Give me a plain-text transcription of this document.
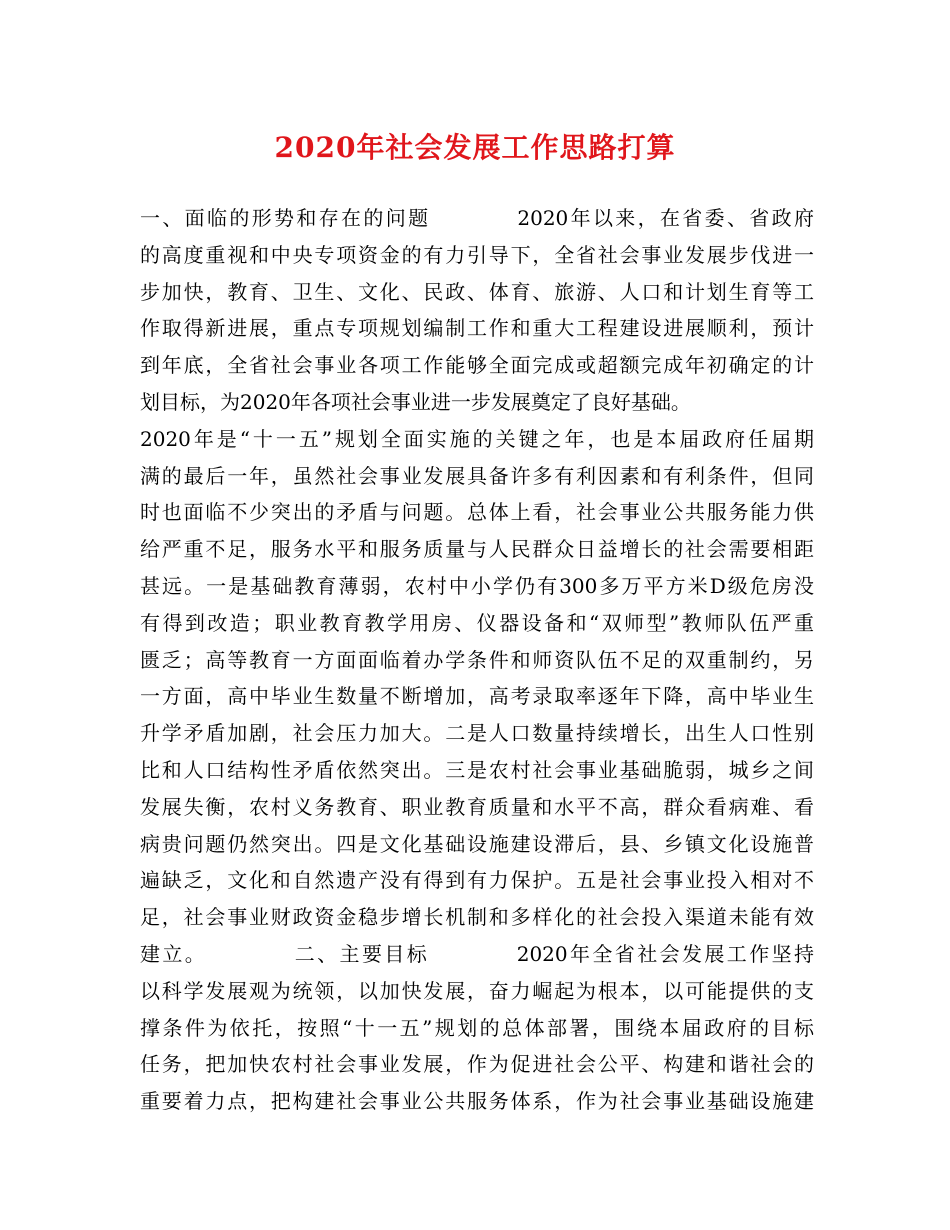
2020年社会发展工作思路打算
一、面临的形势和存在的问题          2020年以来，在省委、省政府
的高度重视和中央专项资金的有力引导下，全省社会事业发展步伐进一
步加快，教育、卫生、文化、民政、体育、旅游、人口和计划生育等工
作取得新进展，重点专项规划编制工作和重大工程建设进展顺利，预计
到年底，全省社会事业各项工作能够全面完成或超额完成年初确定的计
划目标，为2020年各项社会事业进一步发展奠定了良好基础。
2020年是“十一五”规划全面实施的关键之年，也是本届政府任届期
满的最后一年，虽然社会事业发展具备许多有利因素和有利条件，但同
时也面临不少突出的矛盾与问题。总体上看，社会事业公共服务能力供
给严重不足，服务水平和服务质量与人民群众日益增长的社会需要相距
甚远。一是基础教育薄弱，农村中小学仍有300多万平方米D级危房没
有得到改造；职业教育教学用房、仪器设备和“双师型”教师队伍严重
匮乏；高等教育一方面面临着办学条件和师资队伍不足的双重制约，另
一方面，高中毕业生数量不断增加，高考录取率逐年下降，高中毕业生
升学矛盾加剧，社会压力加大。二是人口数量持续增长，出生人口性别
比和人口结构性矛盾依然突出。三是农村社会事业基础脆弱，城乡之间
发展失衡，农村义务教育、职业教育质量和水平不高，群众看病难、看
病贵问题仍然突出。四是文化基础设施建设滞后，县、乡镇文化设施普
遍缺乏，文化和自然遗产没有得到有力保护。五是社会事业投入相对不
足，社会事业财政资金稳步增长机制和多样化的社会投入渠道未能有效
建立。          二、主要目标          2020年全省社会发展工作坚持
以科学发展观为统领，以加快发展，奋力崛起为根本，以可能提供的支
撑条件为依托，按照“十一五”规划的总体部署，围绕本届政府的目标
任务，把加快农村社会事业发展，作为促进社会公平、构建和谐社会的
重要着力点，把构建社会事业公共服务体系，作为社会事业基础设施建
